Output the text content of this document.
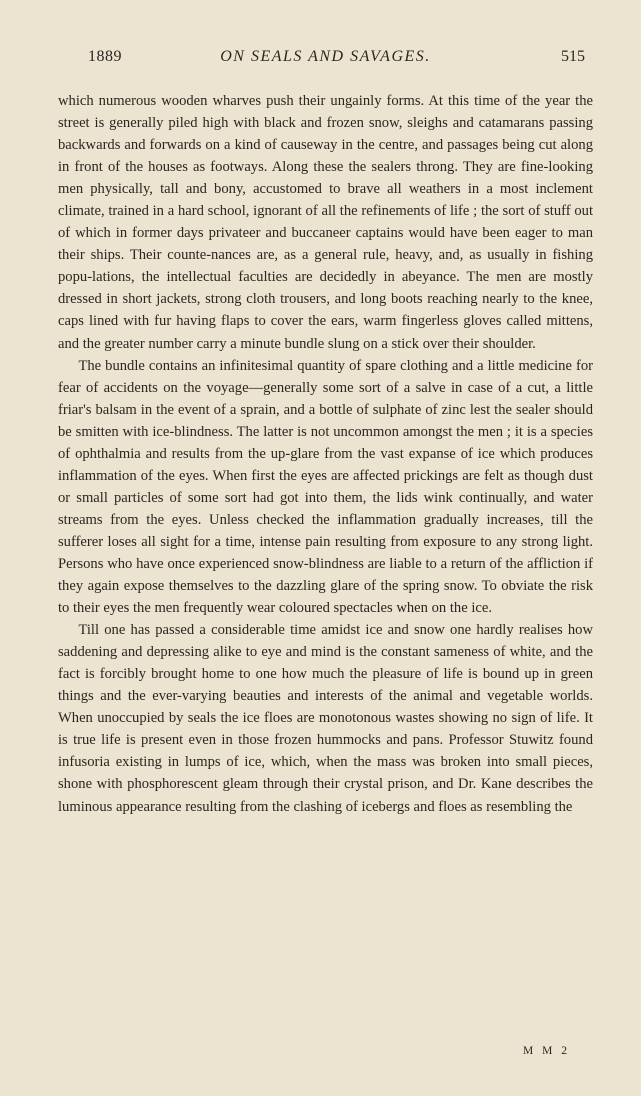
1889	ON SEALS AND SAVAGES.	515

which numerous wooden wharves push their ungainly forms. At this time of the year the street is generally piled high with black and frozen snow, sleighs and catamarans passing backwards and forwards on a kind of causeway in the centre, and passages being cut along in front of the houses as footways. Along these the sealers throng. They are fine-looking men physically, tall and bony, accustomed to brave all weathers in a most inclement climate, trained in a hard school, ignorant of all the refinements of life ; the sort of stuff out of which in former days privateer and buccaneer captains would have been eager to man their ships. Their counte-nances are, as a general rule, heavy, and, as usually in fishing popu-lations, the intellectual faculties are decidedly in abeyance. The men are mostly dressed in short jackets, strong cloth trousers, and long boots reaching nearly to the knee, caps lined with fur having flaps to cover the ears, warm fingerless gloves called mittens, and the greater number carry a minute bundle slung on a stick over their shoulder.

The bundle contains an infinitesimal quantity of spare clothing and a little medicine for fear of accidents on the voyage—generally some sort of a salve in case of a cut, a little friar's balsam in the event of a sprain, and a bottle of sulphate of zinc lest the sealer should be smitten with ice-blindness. The latter is not uncommon amongst the men ; it is a species of ophthalmia and results from the up-glare from the vast expanse of ice which produces inflammation of the eyes. When first the eyes are affected prickings are felt as though dust or small particles of some sort had got into them, the lids wink continually, and water streams from the eyes. Unless checked the inflammation gradually increases, till the sufferer loses all sight for a time, intense pain resulting from exposure to any strong light. Persons who have once experienced snow-blindness are liable to a return of the affliction if they again expose themselves to the dazzling glare of the spring snow. To obviate the risk to their eyes the men frequently wear coloured spectacles when on the ice.

Till one has passed a considerable time amidst ice and snow one hardly realises how saddening and depressing alike to eye and mind is the constant sameness of white, and the fact is forcibly brought home to one how much the pleasure of life is bound up in green things and the ever-varying beauties and interests of the animal and vegetable worlds. When unoccupied by seals the ice floes are monotonous wastes showing no sign of life. It is true life is present even in those frozen hummocks and pans. Professor Stuwitz found infusoria existing in lumps of ice, which, when the mass was broken into small pieces, shone with phosphorescent gleam through their crystal prison, and Dr. Kane describes the luminous appearance resulting from the clashing of icebergs and floes as resembling the

M M 2
